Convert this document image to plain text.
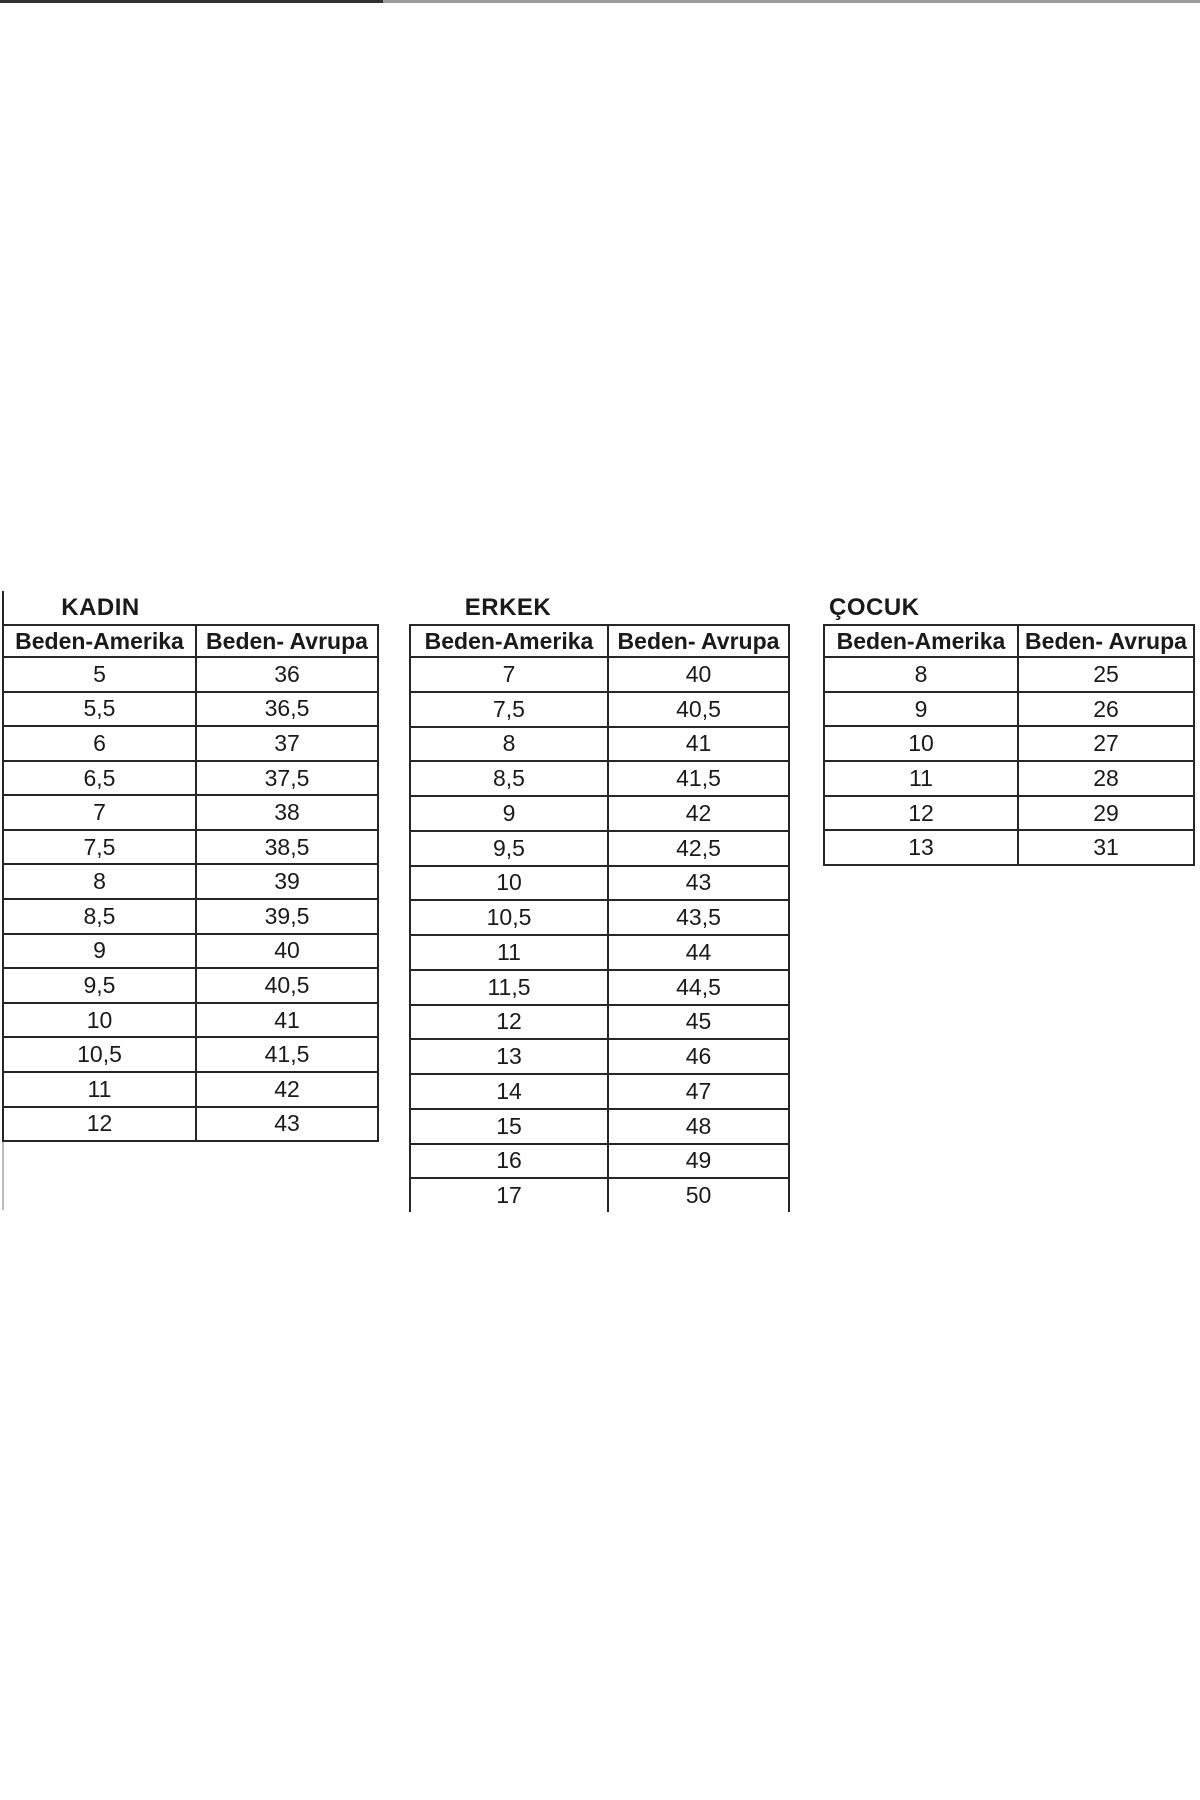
KADIN	ERKEK	ÇOCUK
Beden-Amerika Beden- Avrupa
5	36
5,5	36,5
6	37
6,5	37,5
7	38
7,5	38,5
8	39
8,5	39,5
9	40
9,5	40,5
10	41
10,5	41,5
11	42
12	43
Beden-Amerika	Beden- Avrupa
7	40
7,5	40,5
8	41
8,5	41,5
9	42
9,5	42,5
10	43
10,5	43,5
11	44
11,5	44,5
12	45
13	46
14	47
15	48
16	49
17	50
Beden-Amerika Beden- Avrupa
8	25
9	26
10	27
11	28
12	29
13	31
